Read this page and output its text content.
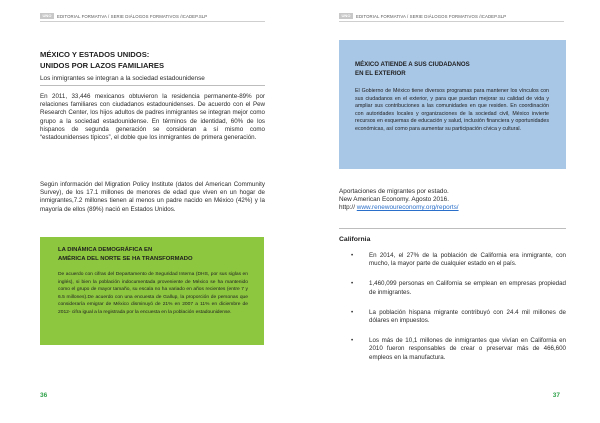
UNO	EDITORIAL FORMATIVA / SERIE DIÁLOGOS FORMATIVOS /ICADEP.SLP
MÉXICO Y ESTADOS UNIDOS:
UNIDOS POR LAZOS FAMILIARES
Los inmigrantes se integran a la sociedad estadounidense
En 2011, 33,446 mexicanos obtuvieron la residencia permanente-89% por relaciones familiares con ciudadanos estadounidenses. De acuerdo con el Pew Research Center, los hijos adultos de padres inmigrantes se integran mejor como grupo a la sociedad estadounidense. En términos de identidad, 60% de los hispanos de segunda generación se consideran a sí mismo como “estadounidenses típicos”, el doble que los inmigrantes de primera generación.
Según información del Migration Policy Institute (datos del American Community Survey), de los 17.1 millones de menores de edad que viven en un hogar de inmigrantes,7.2 millones tienen al menos un padre nacido en México (42%) y la mayoría de ellos (89%) nació en Estados Unidos.
LA DINÁMICA DEMOGRÁFICA EN
AMÉRICA DEL NORTE SE HA TRANSFORMADO
De acuerdo con cifras del Departamento de Seguridad Interna (DHS, por sus siglas en inglés), si bien la población indocumentada proveniente de México se ha mantenido como el grupo de mayor tamaño, su escala no ha variado en años recientes (entre 7 y 6.5 millones).De acuerdo con una encuesta de Gallup, la proporción de personas que consideraría emigrar de México disminuyó de 21% en 2007 a 11% en diciembre de 2012- cifra igual a la registrada por la encuesta en la población estadounidense.
36
UNO	EDITORIAL FORMATIVA / SERIE DIÁLOGOS FORMATIVOS /ICADEP.SLP
MÉXICO ATIENDE A SUS CIUDADANOS
EN EL EXTERIOR
El Gobierno de México tiene diversos programas para mantener los vínculos con sus ciudadanos en el exterior, y para que puedan mejorar su calidad de vida y ampliar sus contribuciones a las comunidades en que residen. En coordinación con autoridades locales y organizaciones de la sociedad civil, México invierte recursos en esquemas de educación y salud, inclusión financiera y oportunidades económicas, así como para aumentar su participación cívica y cultural.
Aportaciones de migrantes por estado.
New American Economy. Agosto 2016.
http:// www.renewoureconomy.org/reports/
California
•	En 2014, el 27% de la población de California era inmigrante, con mucho, la mayor parte de cualquier estado en el país.
•	1,460,099 personas en California se emplean en empresas propiedad de inmigrantes.
•	La población hispana migrante contribuyó con 24.4 mil millones de dólares en impuestos.
•	Los más de 10,1 millones de inmigrantes que vivían en California en 2010 fueron responsables de crear o preservar más de 466,600 empleos en la manufactura.
37
